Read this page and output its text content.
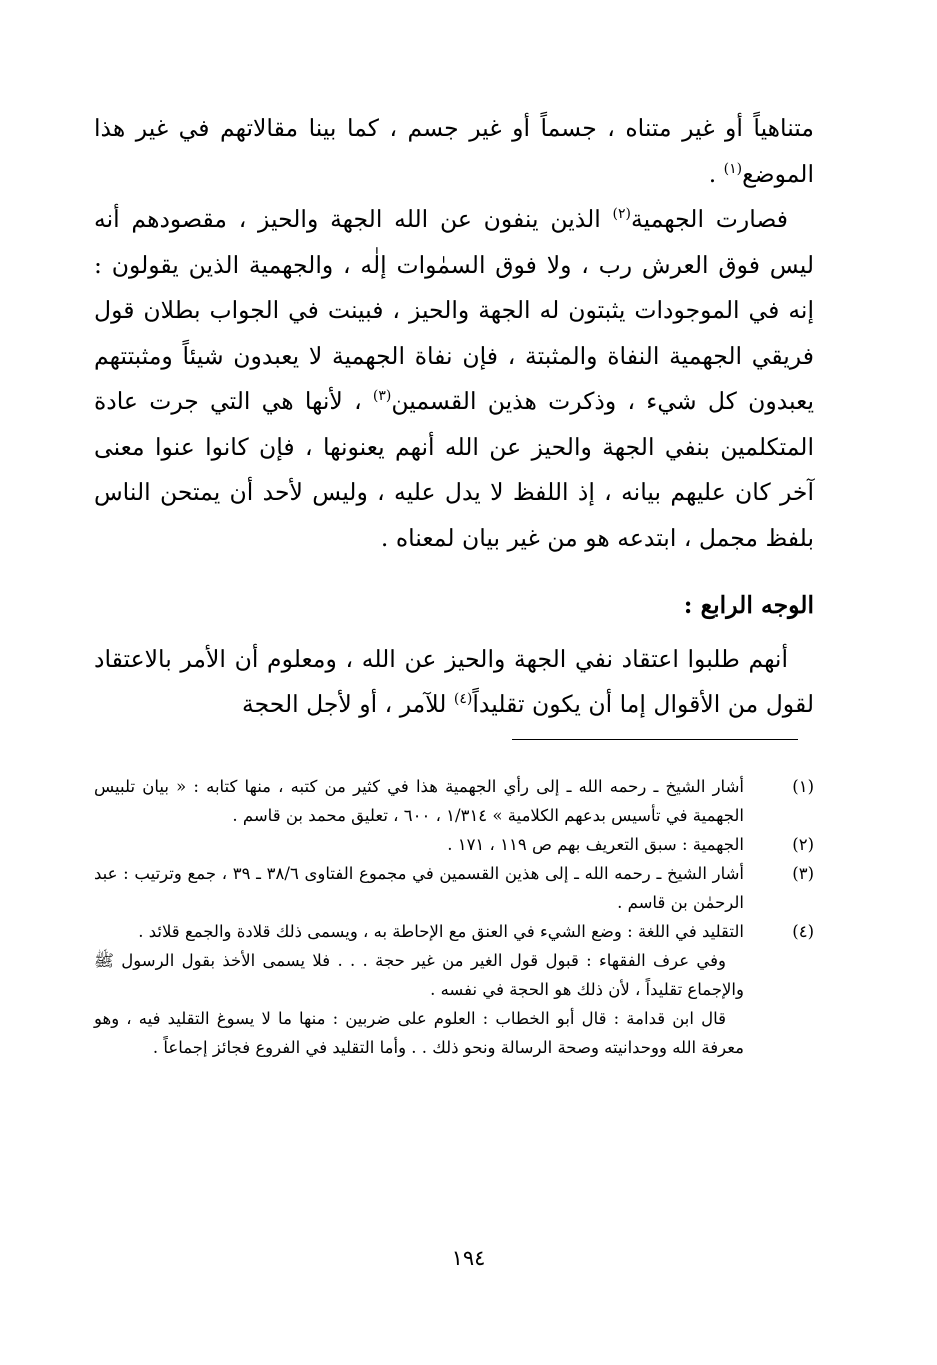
متناهياً أو غير متناه ، جسماً أو غير جسم ، كما بينا مقالاتهم في غير هذا الموضع$^{(١)}$ .

فصارت الجهمية$^{(٢)}$ الذين ينفون عن الله الجهة والحيز ، مقصودهم أنه ليس فوق العرش رب ، ولا فوق السمٰوات إلٰه ، والجهمية الذين يقولون : إنه في الموجودات يثبتون له الجهة والحيز ، فبينت في الجواب بطلان قول فريقي الجهمية النفاة والمثبتة ، فإن نفاة الجهمية لا يعبدون شيئاً ومثبتتهم يعبدون كل شيء ، وذكرت هذين القسمين$^{(٣)}$ ، لأنها هي التي جرت عادة المتكلمين بنفي الجهة والحيز عن الله أنهم يعنونها ، فإن كانوا عنوا معنى آخر كان عليهم بيانه ، إذ اللفظ لا يدل عليه ، وليس لأحد أن يمتحن الناس بلفظ مجمل ، ابتدعه هو من غير بيان لمعناه .

الوجه الرابع :

أنهم طلبوا اعتقاد نفي الجهة والحيز عن الله ، ومعلوم أن الأمر بالاعتقاد لقول من الأقوال إما أن يكون تقليداً$^{(٤)}$ للآمر ، أو لأجل الحجة

(١)
أشار الشيخ ـ رحمه الله ـ إلى رأي الجهمية هذا في كثير من كتبه ، منها كتابه : « بيان تلبيس الجهمية في تأسيس بدعهم الكلامية » ١/٣١٤ ، ٦٠٠ ، تعليق محمد بن قاسم .

(٢)
الجهمية : سبق التعريف بهم ص ١١٩ ، ١٧١ .

(٣)
أشار الشيخ ـ رحمه الله ـ إلى هذين القسمين في مجموع الفتاوى ٣٨/٦ ـ ٣٩ ، جمع وترتيب : عبد الرحمٰن بن قاسم .

(٤)
التقليد في اللغة : وضع الشيء في العنق مع الإحاطة به ، ويسمى ذلك قلادة والجمع قلائد .

وفي عرف الفقهاء : قبول قول الغير من غير حجة . . . فلا يسمى الأخذ بقول الرسول ﷺ والإجماع تقليداً ، لأن ذلك هو الحجة في نفسه .

قال ابن قدامة : قال أبو الخطاب : العلوم على ضربين : منها ما لا يسوغ التقليد فيه ، وهو معرفة الله ووحدانيته وصحة الرسالة ونحو ذلك . . وأما التقليد في الفروع فجائز إجماعاً .

١٩٤
